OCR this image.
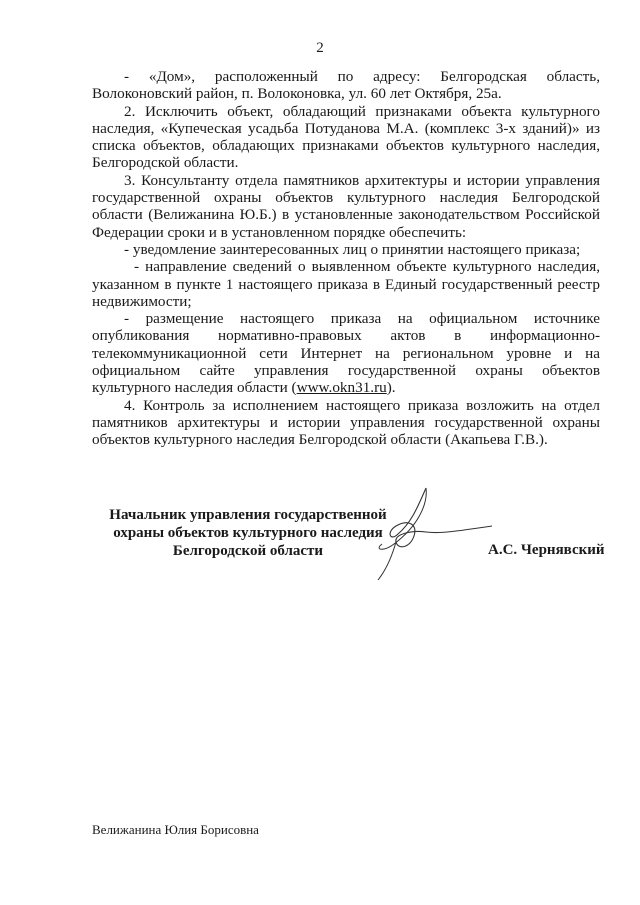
2

- «Дом», расположенный по адресу: Белгородская область, Волоконовский район, п. Волоконовка, ул. 60 лет Октября, 25а.

2. Исключить объект, обладающий признаками объекта культурного наследия, «Купеческая усадьба Потуданова М.А. (комплекс 3-х зданий)» из списка объектов, обладающих признаками объектов культурного наследия, Белгородской области.

3. Консультанту отдела памятников архитектуры и истории управления государственной охраны объектов культурного наследия Белгородской области (Велижанина Ю.Б.) в установленные законодательством Российской Федерации сроки и в установленном порядке обеспечить:

- уведомление заинтересованных лиц о принятии настоящего приказа;

- направление сведений о выявленном объекте культурного наследия, указанном в пункте 1 настоящего приказа в Единый государственный реестр недвижимости;

- размещение настоящего приказа на официальном источнике опубликования нормативно-правовых актов в информационно-телекоммуникационной сети Интернет на региональном уровне и на официальном сайте управления государственной охраны объектов культурного наследия области (www.okn31.ru).

4. Контроль за исполнением настоящего приказа возложить на отдел памятников архитектуры и истории управления государственной охраны объектов культурного наследия Белгородской области (Акапьева Г.В.).

Начальник управления государственной
охраны объектов культурного наследия
Белгородской области	А.С. Чернявский
Велижанина Юлия Борисовна
